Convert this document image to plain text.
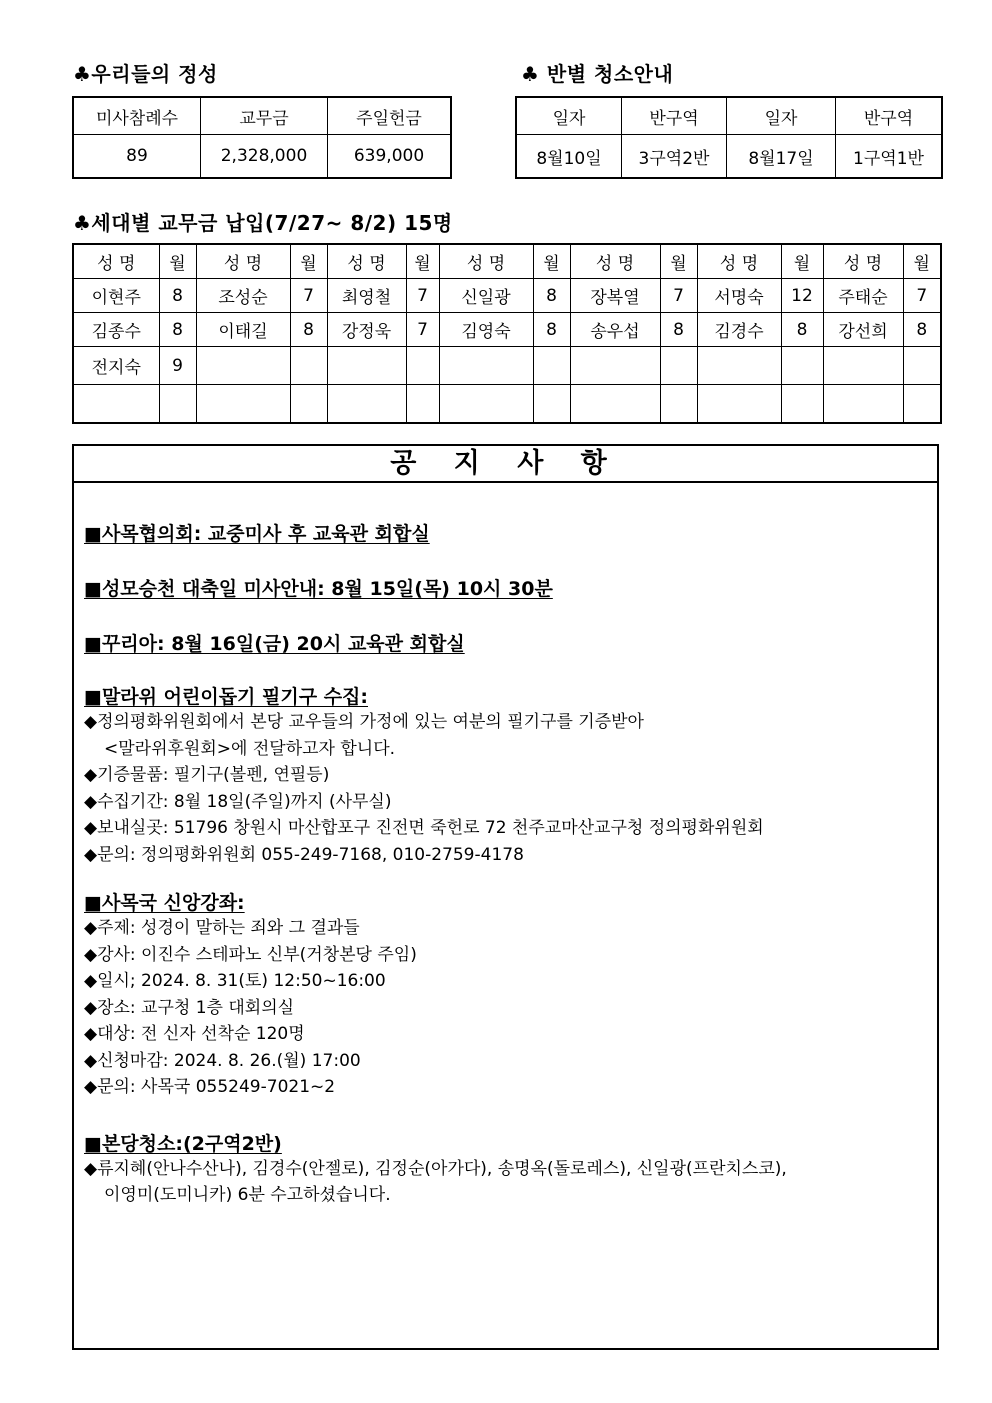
♣우리들의 정성
미사참례수	교무금	주일헌금
89	2,328,000	639,000
♣ 반별 청소안내
일자	반구역	일자	반구역
8월10일	3구역2반	8월17일	1구역1반
♣세대별 교무금 납입(7/27~ 8/2) 15명
성 명	월	성 명	월	성 명	월	성 명	월	성 명	월	성 명	월	성 명	월
이현주	8	조성순	7	최영철	7	신일광	8	장복열	7	서명숙	12	주태순	7
김종수	8	이태길	8	강정욱	7	김영숙	8	송우섭	8	김경수	8	강선희	8
전지숙	9												

공 지 사 항

■사목협의회: 교중미사 후 교육관 회합실

■성모승천 대축일 미사안내: 8월 15일(목) 10시 30분

■꾸리아: 8월 16일(금) 20시 교육관 회합실

■말라위 어린이돕기 필기구 수집:

◆정의평화위원회에서 본당 교우들의 가정에 있는 여분의 필기구를 기증받아

<말라위후원회>에 전달하고자 합니다.

◆기증물품: 필기구(볼펜, 연필등)

◆수집기간: 8월 18일(주일)까지 (사무실)

◆보내실곳: 51796 창원시 마산합포구 진전면 죽헌로 72 천주교마산교구청 정의평화위원회

◆문의: 정의평화위원회 055-249-7168, 010-2759-4178

■사목국 신앙강좌:

◆주제: 성경이 말하는 죄와 그 결과들

◆강사: 이진수 스테파노 신부(거창본당 주임)

◆일시; 2024. 8. 31(토) 12:50~16:00

◆장소: 교구청 1층 대회의실

◆대상: 전 신자 선착순 120명

◆신청마감: 2024. 8. 26.(월) 17:00

◆문의: 사목국 055249-7021~2

■본당청소:(2구역2반)

◆류지혜(안나수산나), 김경수(안젤로), 김정순(아가다), 송명옥(돌로레스), 신일광(프란치스코),

이영미(도미니카) 6분 수고하셨습니다.
